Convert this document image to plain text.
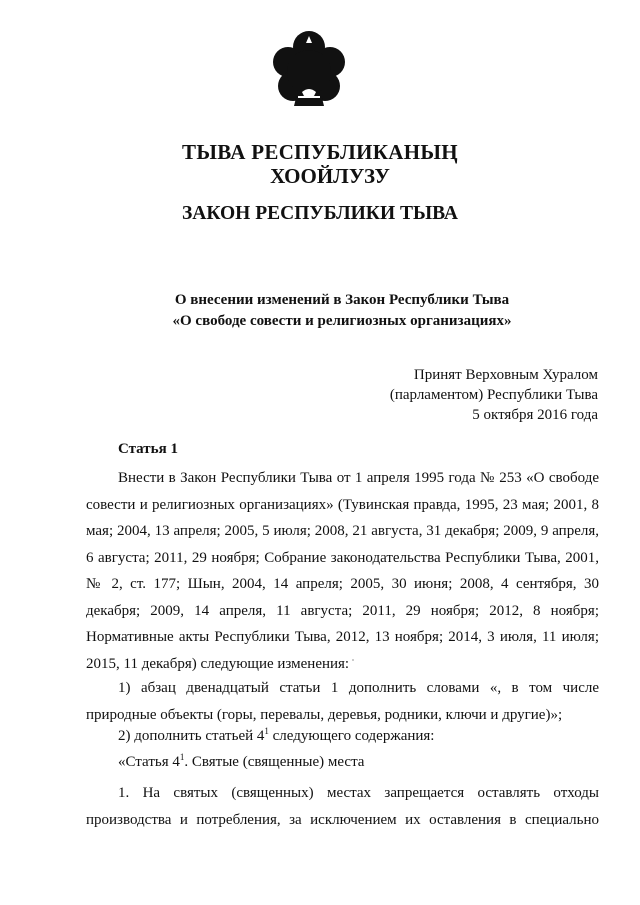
ТЫВА РЕСПУБЛИКАНЫҢ
ХООЙЛУЗУ
ЗАКОН РЕСПУБЛИКИ ТЫВА
О внесении изменений в Закон Республики Тыва
«О свободе совести и религиозных организациях»
Принят Верховным Хуралом
(парламентом) Республики Тыва
5 октября 2016 года
Статья 1
Внести в Закон Республики Тыва от 1 апреля 1995 года № 253 «О свободе
совести и религиозных организациях» (Тувинская правда, 1995, 23 мая; 2001, 8
мая; 2004, 13 апреля; 2005, 5 июля; 2008, 21 августа, 31 декабря; 2009, 9 апреля,
6 августа; 2011, 29 ноября; Собрание законодательства Республики Тыва, 2001,
№ 2, ст. 177; Шын, 2004, 14 апреля; 2005, 30 июня; 2008, 4 сентября, 30
декабря; 2009, 14 апреля, 11 августа; 2011, 29 ноября; 2012, 8 ноября;
Нормативные акты Республики Тыва, 2012, 13 ноября; 2014, 3 июля, 11 июля;
2015, 11 декабря) следующие изменения:
1) абзац двенадцатый статьи 1 дополнить словами «, в том числе
природные объекты (горы, перевалы, деревья, родники, ключи и другие)»;
2) дополнить статьей $4^1$ следующего содержания:
«Статья $4^1$. Святые (священные) места
1. На святых (священных) местах запрещается оставлять отходы
производства и потребления, за исключением их оставления в специально
